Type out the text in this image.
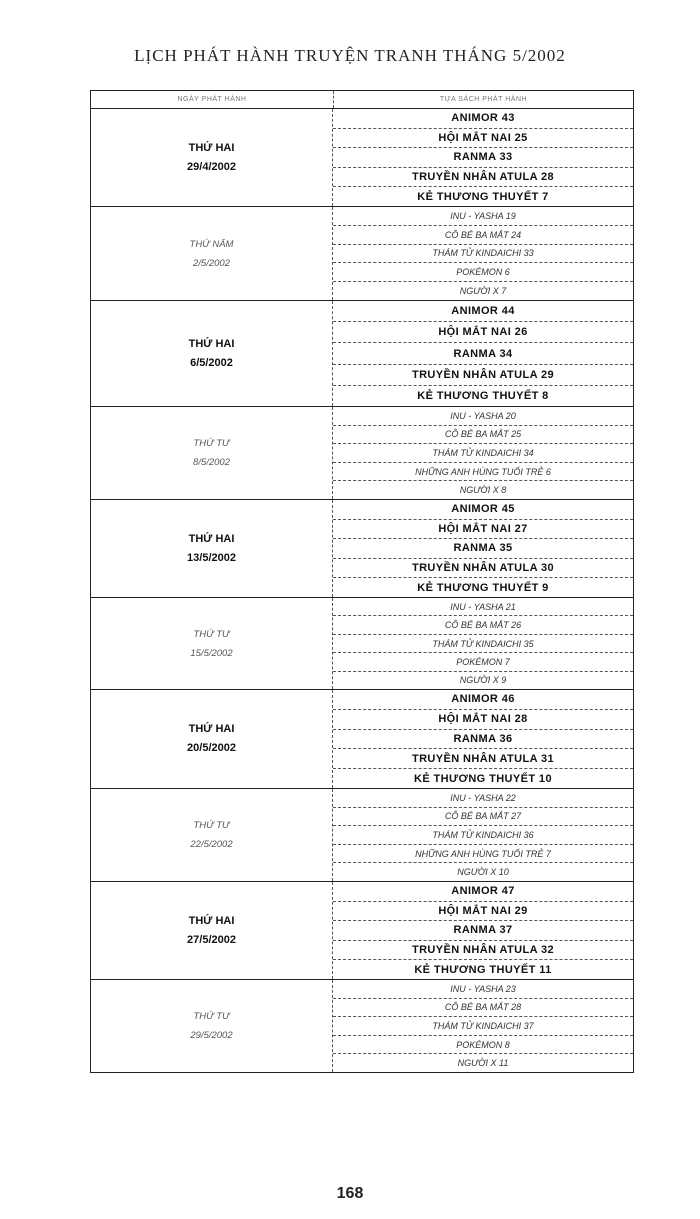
LỊCH PHÁT HÀNH TRUYỆN TRANH THÁNG 5/2002
NGÀY PHÁT HÀNH	TỰA SÁCH PHÁT HÀNH
THỨ HAI
29/4/2002
ANIMOR 43
HỘI MẮT NAI 25
RANMA 33
TRUYỀN NHÂN ATULA 28
KẺ THƯƠNG THUYẾT 7
THỨ NĂM
2/5/2002
INU - YASHA 19
CÔ BÉ BA MẮT 24
THÁM TỬ KINDAICHI 33
POKÉMON 6
NGƯỜI X 7
THỨ HAI
6/5/2002
ANIMOR 44
HỘI MẮT NAI 26
RANMA 34
TRUYỀN NHÂN ATULA 29
KẺ THƯƠNG THUYẾT 8
THỨ TƯ
8/5/2002
INU - YASHA 20
CÔ BÉ BA MẮT 25
THÁM TỬ KINDAICHI 34
NHỮNG ANH HÙNG TUỔI TRẺ 6
NGƯỜI X 8
THỨ HAI
13/5/2002
ANIMOR 45
HỘI MẮT NAI 27
RANMA 35
TRUYỀN NHÂN ATULA 30
KẺ THƯƠNG THUYẾT 9
THỨ TƯ
15/5/2002
INU - YASHA 21
CÔ BÉ BA MẮT 26
THÁM TỬ KINDAICHI 35
POKÉMON 7
NGƯỜI X 9
THỨ HAI
20/5/2002
ANIMOR 46
HỘI MẮT NAI 28
RANMA 36
TRUYỀN NHÂN ATULA 31
KẺ THƯƠNG THUYẾT 10
THỨ TƯ
22/5/2002
INU - YASHA 22
CÔ BÉ BA MẮT 27
THÁM TỬ KINDAICHI 36
NHỮNG ANH HÙNG TUỔI TRẺ 7
NGƯỜI X 10
THỨ HAI
27/5/2002
ANIMOR 47
HỘI MẮT NAI 29
RANMA 37
TRUYỀN NHÂN ATULA 32
KẺ THƯƠNG THUYẾT 11
THỨ TƯ
29/5/2002
INU - YASHA 23
CÔ BÉ BA MẮT 28
THÁM TỬ KINDAICHI 37
POKÉMON 8
NGƯỜI X 11
168
